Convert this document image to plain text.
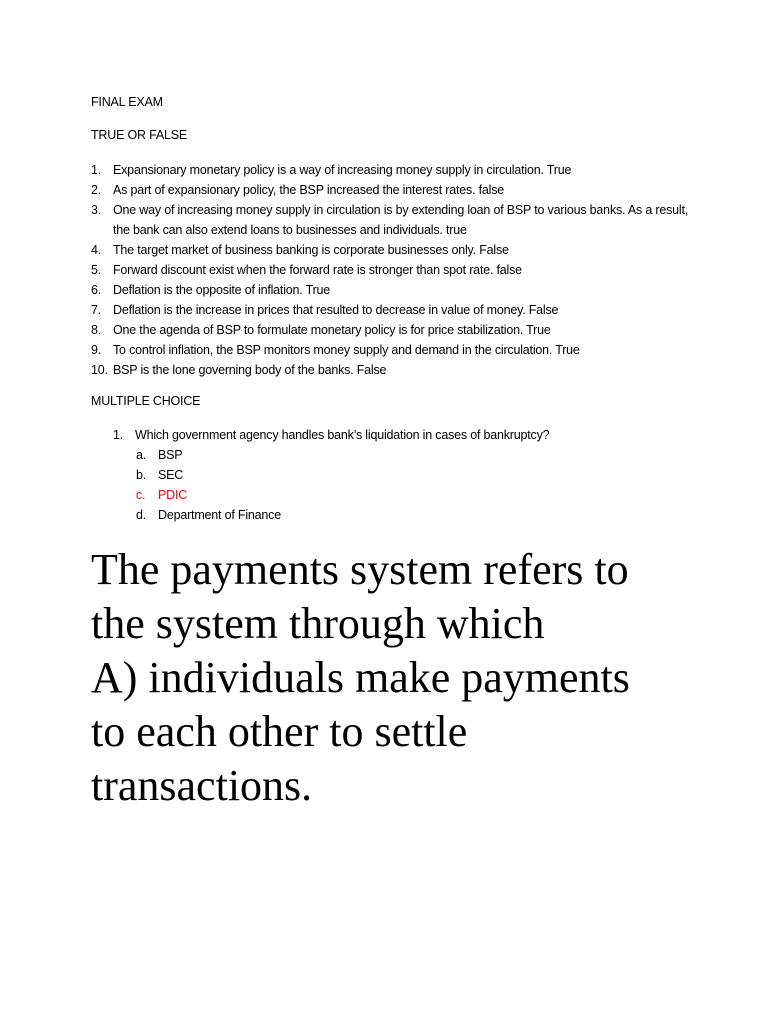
FINAL EXAM
TRUE OR FALSE
1. Expansionary monetary policy is a way of increasing money supply in circulation. True
2. As part of expansionary policy, the BSP increased the interest rates. false
3. One way of increasing money supply in circulation is by extending loan of BSP to various banks. As a result, the bank can also extend loans to businesses and individuals. true
4. The target market of business banking is corporate businesses only. False
5. Forward discount exist when the forward rate is stronger than spot rate. false
6. Deflation is the opposite of inflation. True
7. Deflation is the increase in prices that resulted to decrease in value of money. False
8. One the agenda of BSP to formulate monetary policy is for price stabilization. True
9. To control inflation, the BSP monitors money supply and demand in the circulation. True
10. BSP is the lone governing body of the banks. False
MULTIPLE CHOICE
1. Which government agency handles bank’s liquidation in cases of bankruptcy?
a. BSP
b. SEC
c. PDIC
d. Department of Finance
The payments system refers to
the system through which
A) individuals make payments
to each other to settle
transactions.
